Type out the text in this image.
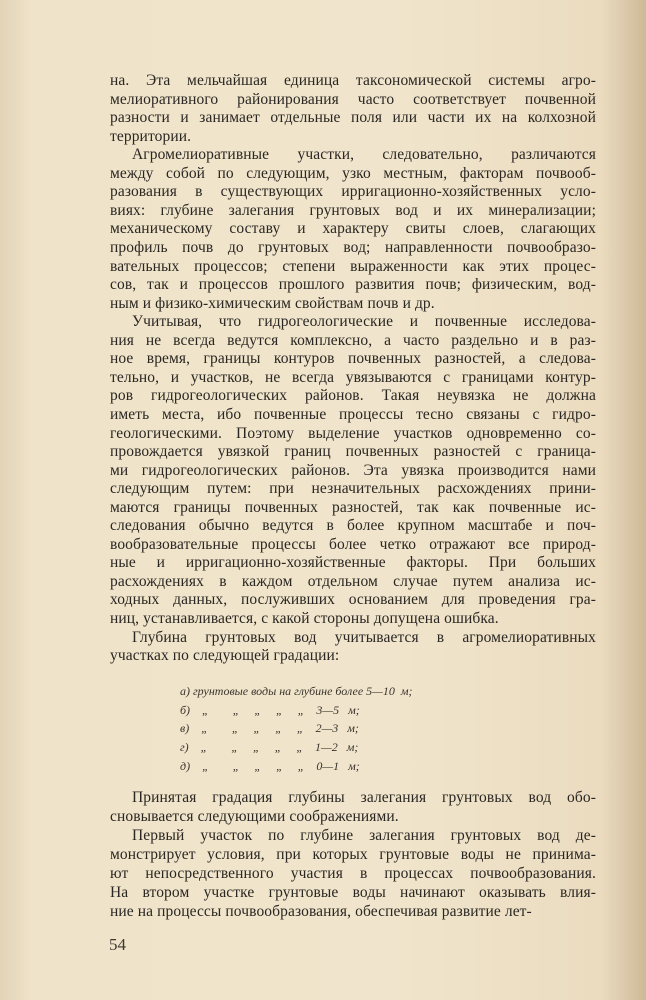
на. Эта мельчайшая единица таксономической системы агро-
мелиоративного районирования часто соответствует почвенной
разности и занимает отдельные поля или части их на колхозной
территории.
Агромелиоративные участки, следовательно, различаются
между собой по следующим, узко местным, факторам почвооб-
разования в существующих ирригационно-хозяйственных усло-
виях: глубине залегания грунтовых вод и их минерализации;
механическому составу и характеру свиты слоев, слагающих
профиль почв до грунтовых вод; направленности почвообразо-
вательных процессов; степени выраженности как этих процес-
сов, так и процессов прошлого развития почв; физическим, вод-
ным и физико-химическим свойствам почв и др.
Учитывая, что гидрогеологические и почвенные исследова-
ния не всегда ведутся комплексно, а часто раздельно и в раз-
ное время, границы контуров почвенных разностей, а следова-
тельно, и участков, не всегда увязываются с границами контур-
ров гидрогеологических районов. Такая неувязка не должна
иметь места, ибо почвенные процессы тесно связаны с гидро-
геологическими. Поэтому выделение участков одновременно со-
провождается увязкой границ почвенных разностей с граница-
ми гидрогеологических районов. Эта увязка производится нами
следующим путем: при незначительных расхождениях прини-
маются границы почвенных разностей, так как почвенные ис-
следования обычно ведутся в более крупном масштабе и поч-
вообразовательные процессы более четко отражают все природ-
ные и ирригационно-хозяйственные факторы. При больших
расхождениях в каждом отдельном случае путем анализа ис-
ходных данных, послуживших основанием для проведения гра-
ниц, устанавливается, с какой стороны допущена ошибка.
Глубина грунтовых вод учитывается в агромелиоративных
участках по следующей градации:
а) грунтовые воды на глубине более 5—10  м;
б)    „        „     „     „     „    3—5   м;
в)    „        „     „     „     „    2—3   м;
г)    „        „     „     „     „    1—2   м;
д)    „        „     „     „     „    0—1   м;
Принятая градация глубины залегания грунтовых вод обо-
сновывается следующими соображениями.
Первый участок по глубине залегания грунтовых вод де-
монстрирует условия, при которых грунтовые воды не принима-
ют непосредственного участия в процессах почвообразования.
На втором участке грунтовые воды начинают оказывать влия-
ние на процессы почвообразования, обеспечивая развитие лет-
54
